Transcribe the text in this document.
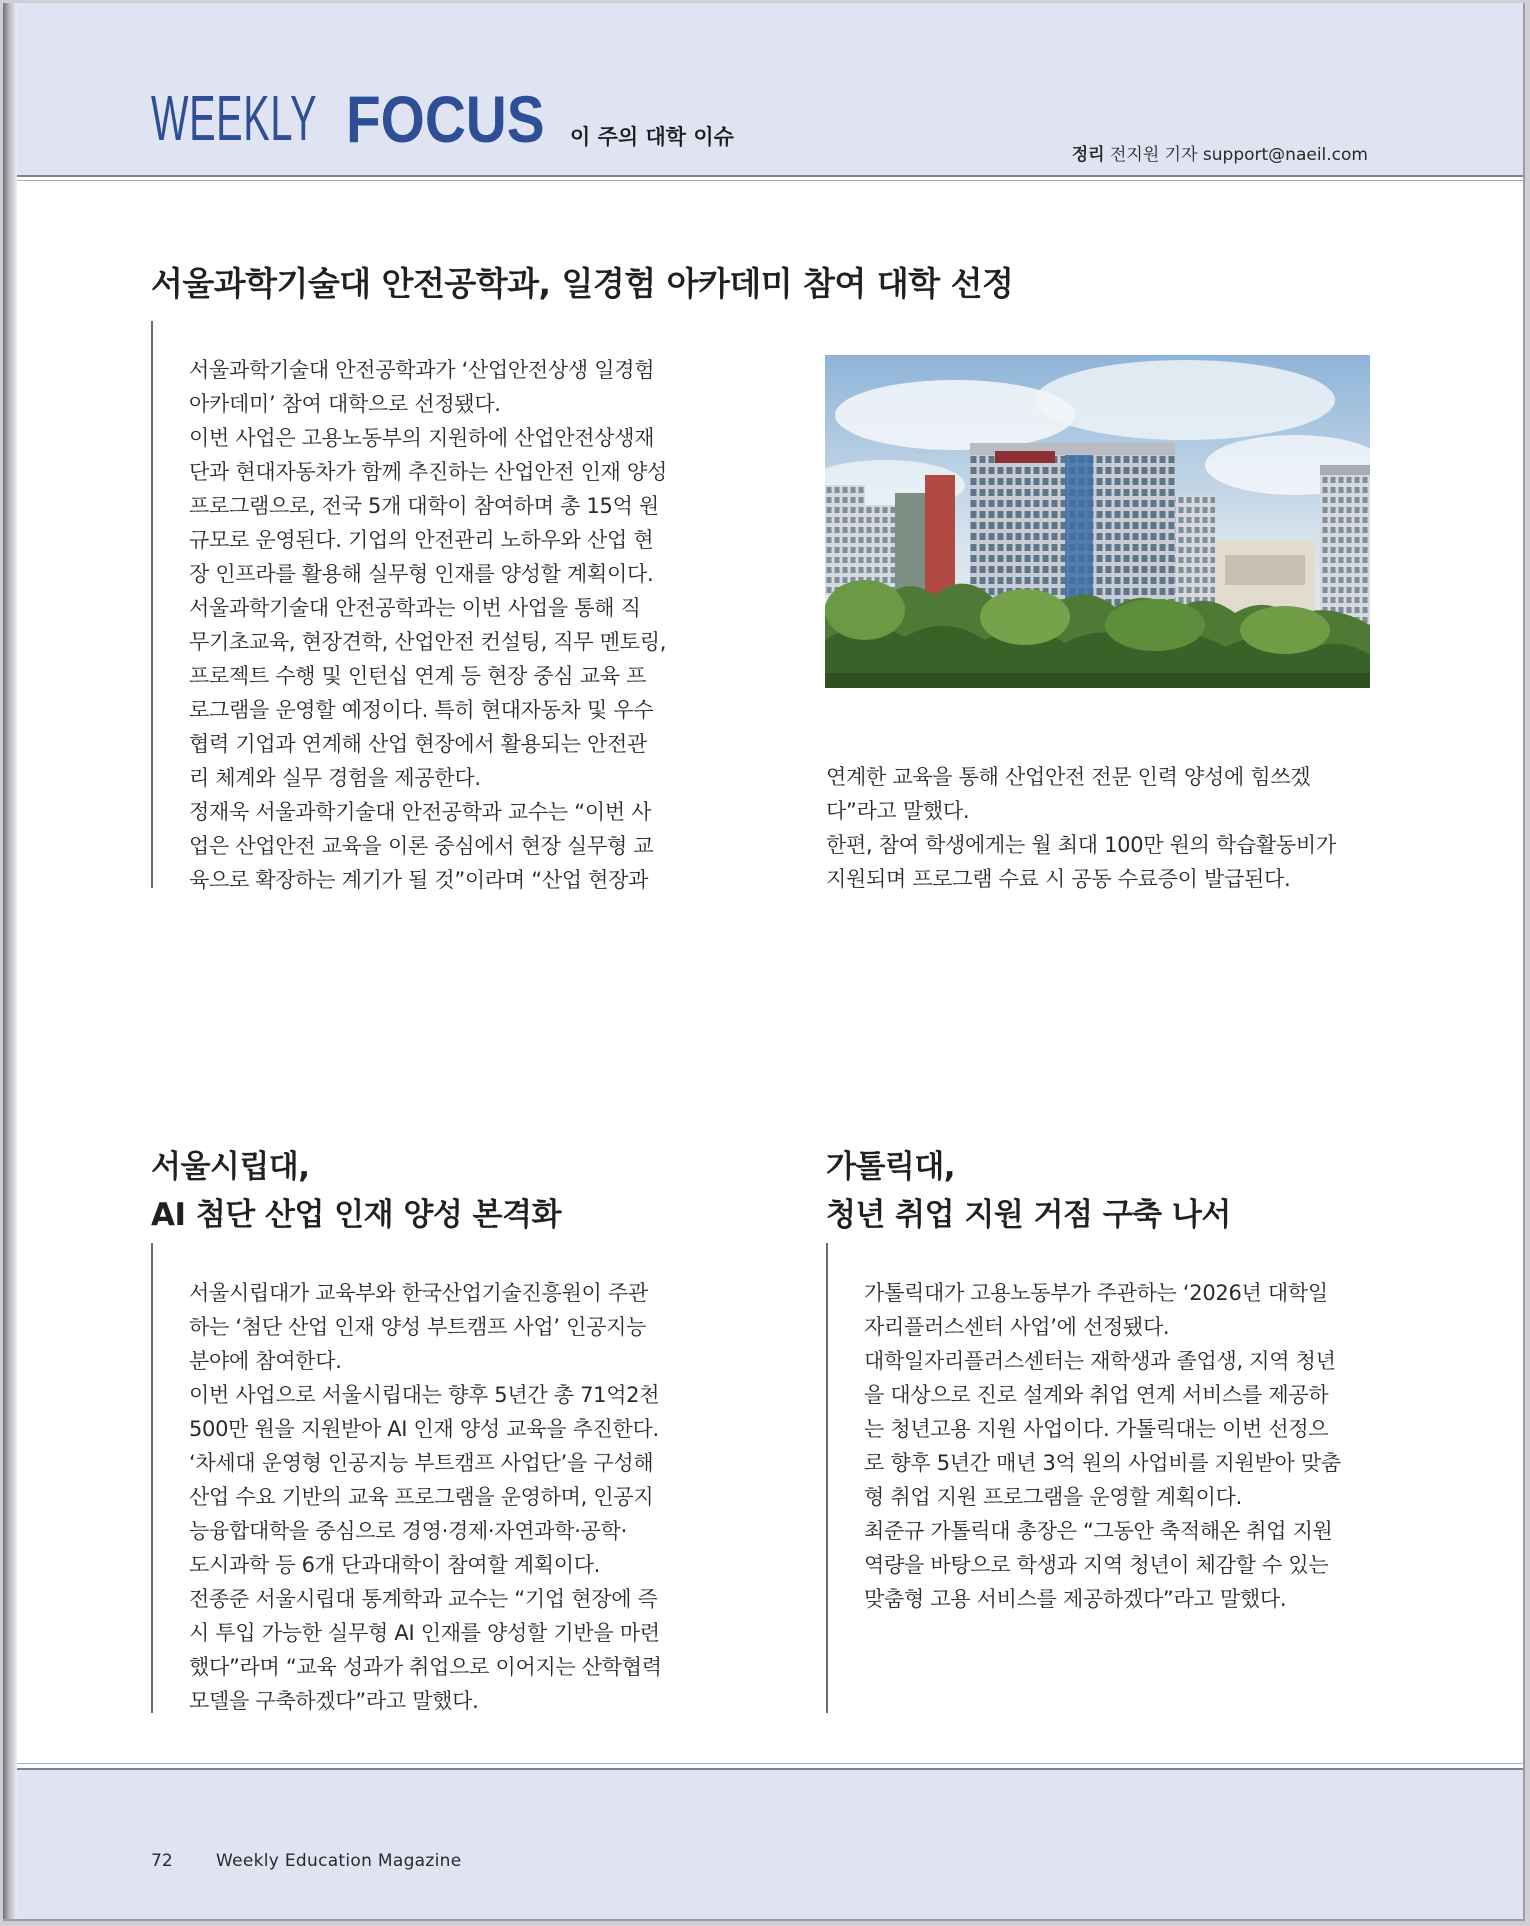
WEEKLY FOCUS 이 주의 대학 이슈
정리 전지원 기자 support@naeil.com
서울과학기술대 안전공학과, 일경험 아카데미 참여 대학 선정

서울과학기술대 안전공학과가 ‘산업안전상생 일경험
아카데미’ 참여 대학으로 선정됐다.
이번 사업은 고용노동부의 지원하에 산업안전상생재
단과 현대자동차가 함께 추진하는 산업안전 인재 양성
프로그램으로, 전국 5개 대학이 참여하며 총 15억 원
규모로 운영된다. 기업의 안전관리 노하우와 산업 현
장 인프라를 활용해 실무형 인재를 양성할 계획이다.
서울과학기술대 안전공학과는 이번 사업을 통해 직
무기초교육, 현장견학, 산업안전 컨설팅, 직무 멘토링,
프로젝트 수행 및 인턴십 연계 등 현장 중심 교육 프
로그램을 운영할 예정이다. 특히 현대자동차 및 우수
협력 기업과 연계해 산업 현장에서 활용되는 안전관
리 체계와 실무 경험을 제공한다.
정재욱 서울과학기술대 안전공학과 교수는 “이번 사
업은 산업안전 교육을 이론 중심에서 현장 실무형 교
육으로 확장하는 계기가 될 것”이라며 “산업 현장과

연계한 교육을 통해 산업안전 전문 인력 양성에 힘쓰겠
다”라고 말했다.
한편, 참여 학생에게는 월 최대 100만 원의 학습활동비가
지원되며 프로그램 수료 시 공동 수료증이 발급된다.

서울시립대,
AI 첨단 산업 인재 양성 본격화

서울시립대가 교육부와 한국산업기술진흥원이 주관
하는 ‘첨단 산업 인재 양성 부트캠프 사업’ 인공지능
분야에 참여한다.
이번 사업으로 서울시립대는 향후 5년간 총 71억2천
500만 원을 지원받아 AI 인재 양성 교육을 추진한다.
‘차세대 운영형 인공지능 부트캠프 사업단’을 구성해
산업 수요 기반의 교육 프로그램을 운영하며, 인공지
능융합대학을 중심으로 경영·경제·자연과학·공학·
도시과학 등 6개 단과대학이 참여할 계획이다.
전종준 서울시립대 통계학과 교수는 “기업 현장에 즉
시 투입 가능한 실무형 AI 인재를 양성할 기반을 마련
했다”라며 “교육 성과가 취업으로 이어지는 산학협력
모델을 구축하겠다”라고 말했다.

가톨릭대,
청년 취업 지원 거점 구축 나서

가톨릭대가 고용노동부가 주관하는 ‘2026년 대학일
자리플러스센터 사업’에 선정됐다.
대학일자리플러스센터는 재학생과 졸업생, 지역 청년
을 대상으로 진로 설계와 취업 연계 서비스를 제공하
는 청년고용 지원 사업이다. 가톨릭대는 이번 선정으
로 향후 5년간 매년 3억 원의 사업비를 지원받아 맞춤
형 취업 지원 프로그램을 운영할 계획이다.
최준규 가톨릭대 총장은 “그동안 축적해온 취업 지원
역량을 바탕으로 학생과 지역 청년이 체감할 수 있는
맞춤형 고용 서비스를 제공하겠다”라고 말했다.

72	Weekly Education Magazine
